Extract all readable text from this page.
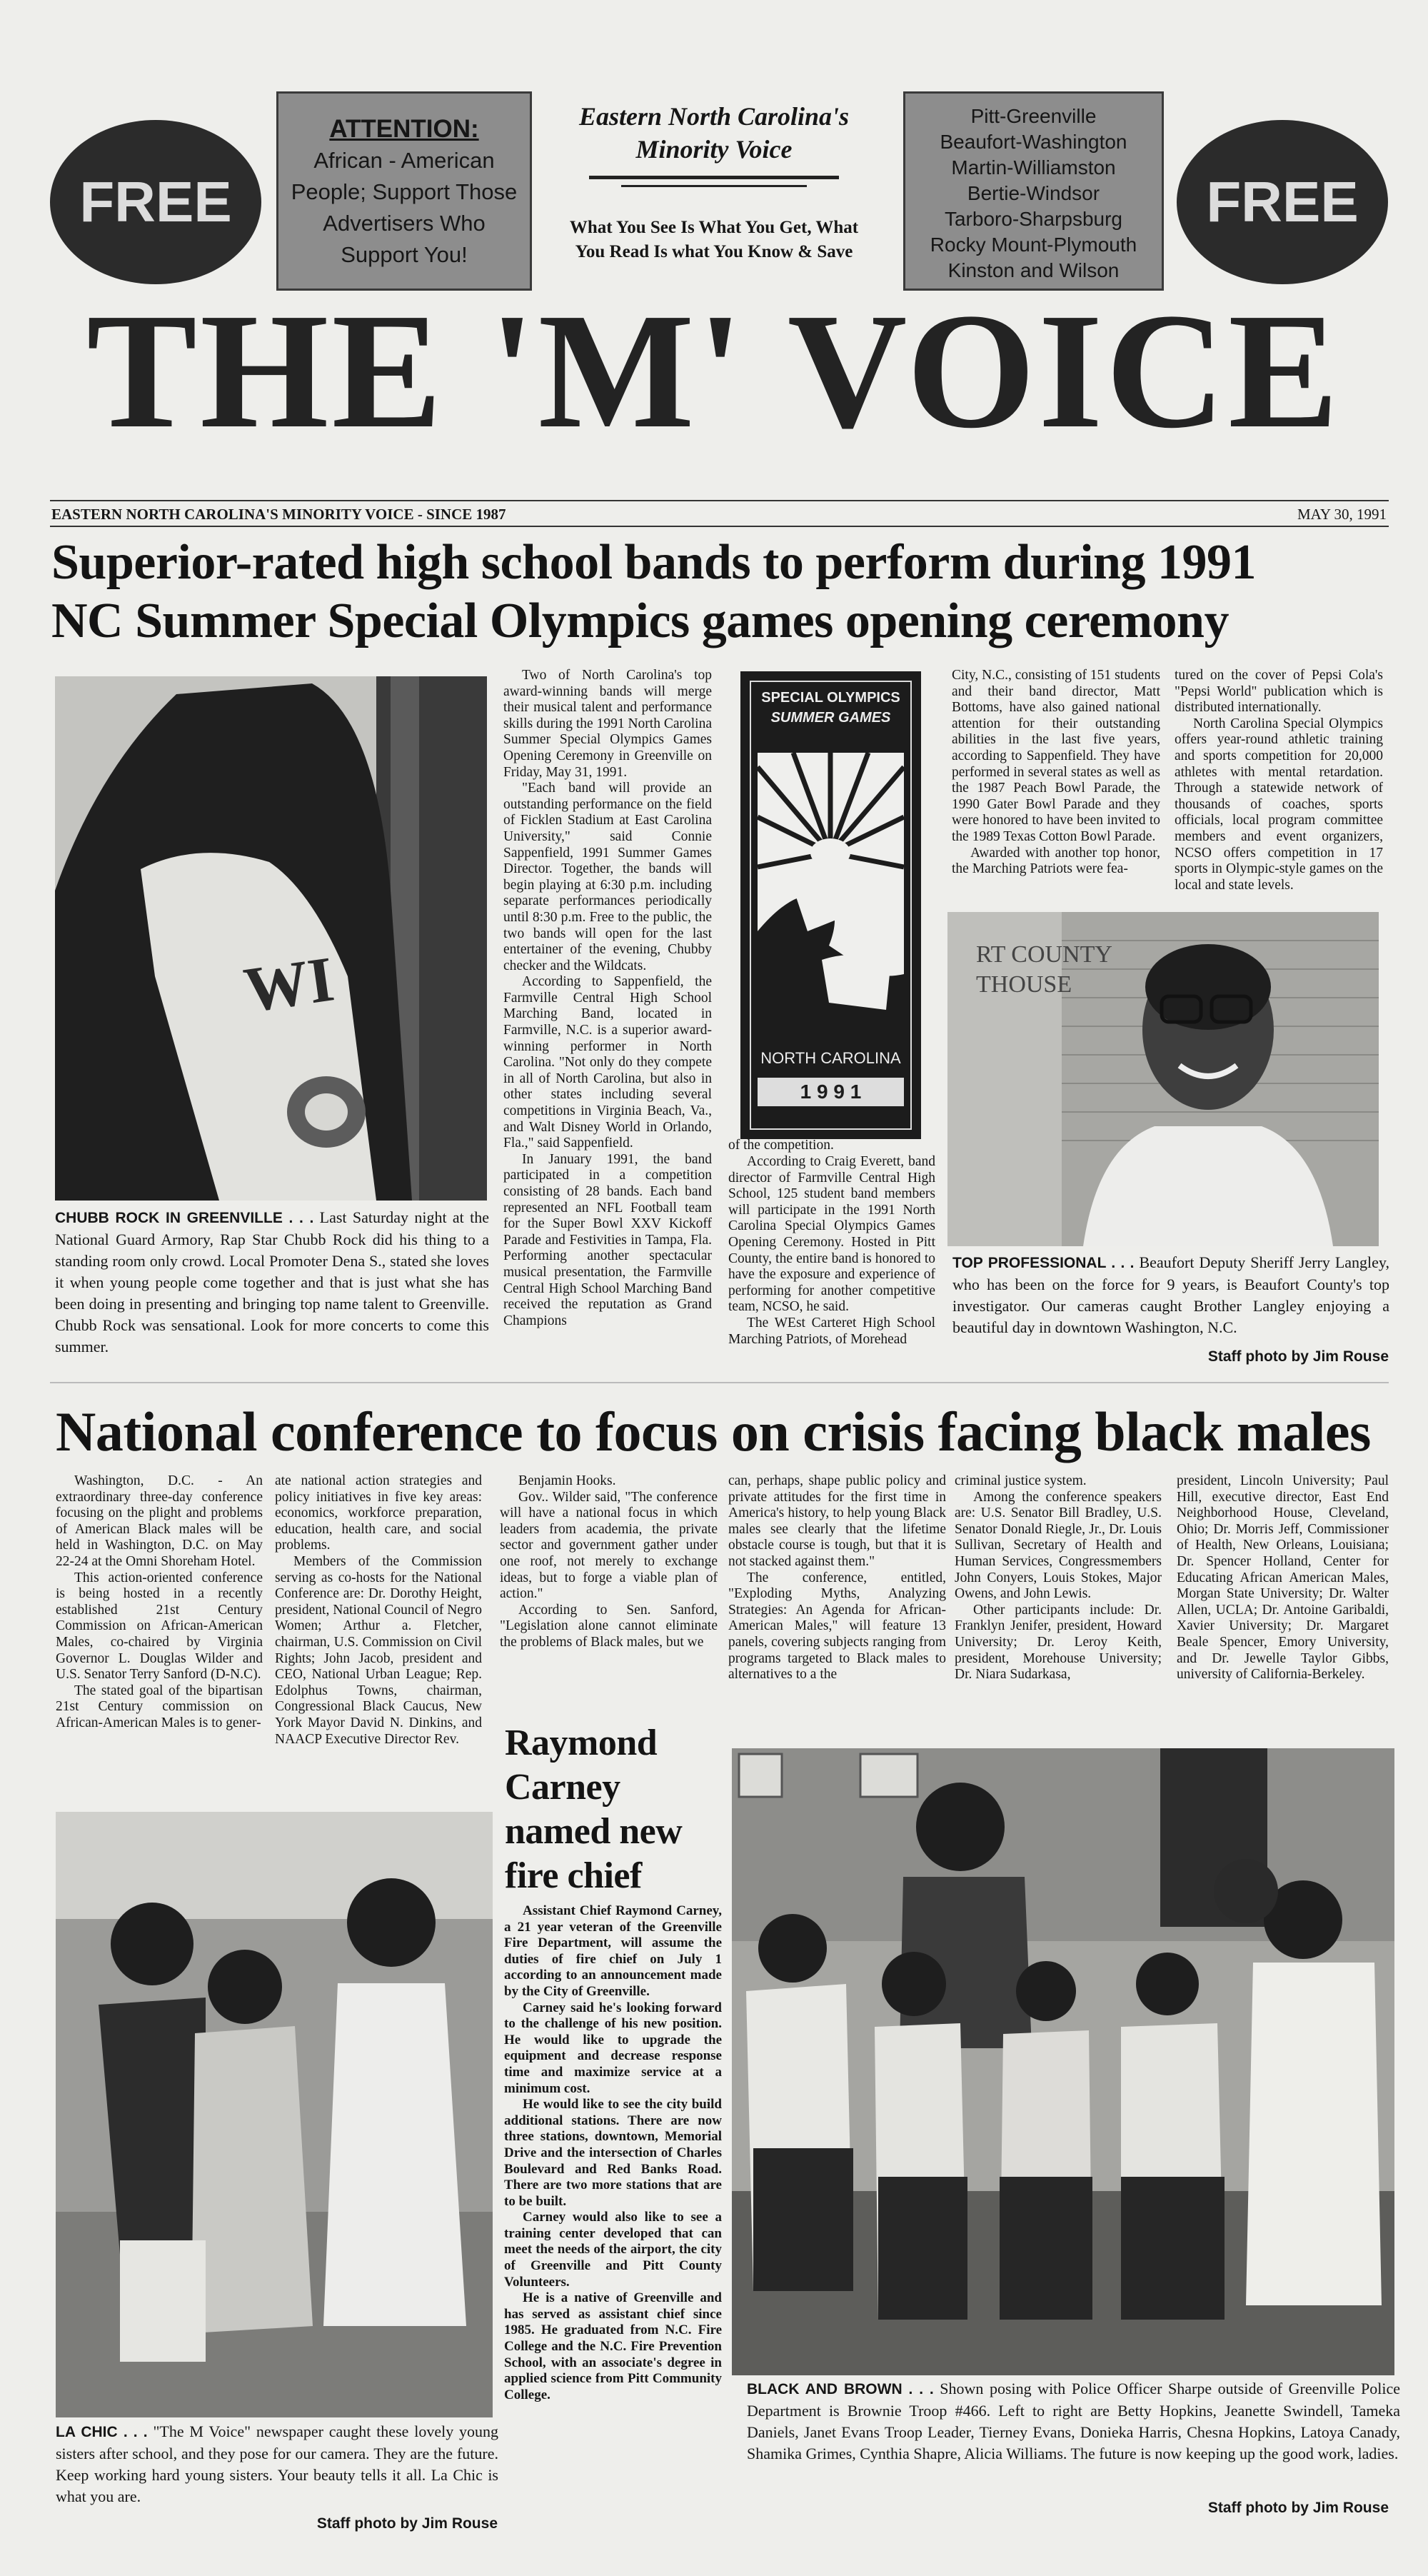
FREE	FREE
ATTENTION:
African - American
People; Support Those
Advertisers Who
Support You!
Eastern North Carolina's
Minority Voice
What You See Is What You Get, What
You Read Is what You Know & Save
Pitt-Greenville
Beaufort-Washington
Martin-Williamston
Bertie-Windsor
Tarboro-Sharpsburg
Rocky Mount-Plymouth
Kinston and Wilson
THE 'M' VOICE
EASTERN NORTH CAROLINA'S MINORITY VOICE - SINCE 1987	MAY 30, 1991
Superior-rated high school bands to perform during 1991
NC Summer Special Olympics games opening ceremony
WI
CHUBB ROCK IN GREENVILLE . . . Last Saturday night at the National Guard Armory, Rap Star Chubb Rock did his thing to a standing room only crowd. Local Promoter Dena S., stated she loves it when young people come together and that is just what she has been doing in presenting and bringing top name talent to Greenville. Chubb Rock was sensational. Look for more concerts to come this summer.

Two of North Carolina's top award-winning bands will merge their musical talent and performance skills during the 1991 North Carolina Summer Special Olympics Games Opening Ceremony in Greenville on Friday, May 31, 1991.

"Each band will provide an outstanding performance on the field of Ficklen Stadium at East Carolina University," said Connie Sappenfield, 1991 Summer Games Director. Together, the bands will begin playing at 6:30 p.m. including separate performances periodically until 8:30 p.m. Free to the public, the two bands will open for the last entertainer of the evening, Chubby checker and the Wildcats.

According to Sappenfield, the Farmville Central High School Marching Band, located in Farmville, N.C. is a superior award-winning performer in North Carolina. "Not only do they compete in all of North Carolina, but also in other states including several competitions in Virginia Beach, Va., and Walt Disney World in Orlando, Fla.," said Sappenfield.

In January 1991, the band participated in a competition consisting of 28 bands. Each band represented an NFL Football team for the Super Bowl XXV Kickoff Parade and Festivities in Tampa, Fla. Performing another spectacular musical presentation, the Farmville Central High School Marching Band received the reputation as Grand Champions

SPECIAL OLYMPICS
SUMMER GAMES
NORTH CAROLINA
1 9 9 1

of the competition.

According to Craig Everett, band director of Farmville Central High School, 125 student band members will participate in the 1991 North Carolina Special Olympics Games Opening Ceremony. Hosted in Pitt County, the entire band is honored to have the exposure and experience of performing for another competitive team, NCSO, he said.

The WEst Carteret High School Marching Patriots, of Morehead

City, N.C., consisting of 151 students and their band director, Matt Bottoms, have also gained national attention for their outstanding abilities in the last five years, according to Sappenfield. They have performed in several states as well as the 1987 Peach Bowl Parade, the 1990 Gater Bowl Parade and they were honored to have been invited to the 1989 Texas Cotton Bowl Parade.

Awarded with another top honor, the Marching Patriots were fea-

tured on the cover of Pepsi Cola's "Pepsi World" publication which is distributed internationally.

North Carolina Special Olympics offers year-round athletic training and sports competition for 20,000 athletes with mental retardation. Through a statewide network of thousands of coaches, sports officials, local program committee members and event organizers, NCSO offers competition in 17 sports in Olympic-style games on the local and state levels.

RT COUNTY
THOUSE
TOP PROFESSIONAL . . . Beaufort Deputy Sheriff Jerry Langley, who has been on the force for 9 years, is Beaufort County's top investigator. Our cameras caught Brother Langley enjoying a beautiful day in downtown Washington, N.C.
Staff photo by Jim Rouse
National conference to focus on crisis facing black males

Washington, D.C. - An extraordinary three-day conference focusing on the plight and problems of American Black males will be held in Washington, D.C. on May 22-24 at the Omni Shoreham Hotel.

This action-oriented conference is being hosted in a recently established 21st Century Commission on African-American Males, co-chaired by Virginia Governor L. Douglas Wilder and U.S. Senator Terry Sanford (D-N.C).

The stated goal of the bipartisan 21st Century commission on African-American Males is to gener-

ate national action strategies and policy initiatives in five key areas: economics, workforce preparation, education, health care, and social problems.

Members of the Commission serving as co-hosts for the National Conference are: Dr. Dorothy Height, president, National Council of Negro Women; Arthur a. Fletcher, chairman, U.S. Commission on Civil Rights; John Jacob, president and CEO, National Urban League; Rep. Edolphus Towns, chairman, Congressional Black Caucus, New York Mayor David N. Dinkins, and NAACP Executive Director Rev.

Benjamin Hooks.

Gov.. Wilder said, "The conference will have a national focus in which leaders from academia, the private sector and government gather under one roof, not merely to exchange ideas, but to forge a viable plan of action."

According to Sen. Sanford, "Legislation alone cannot eliminate the problems of Black males, but we

can, perhaps, shape public policy and private attitudes for the first time in America's history, to help young Black males see clearly that the lifetime obstacle course is tough, but that it is not stacked against them."

The conference, entitled, "Exploding Myths, Analyzing Strategies: An Agenda for African-American Males," will feature 13 panels, covering subjects ranging from programs targeted to Black males to alternatives to a the

criminal justice system.

Among the conference speakers are: U.S. Senator Bill Bradley, U.S. Senator Donald Riegle, Jr., Dr. Louis Sullivan, Secretary of Health and Human Services, Congressmembers John Conyers, Louis Stokes, Major Owens, and John Lewis.

Other participants include: Dr. Franklyn Jenifer, president, Howard University; Dr. Leroy Keith, president, Morehouse University; Dr. Niara Sudarkasa,

president, Lincoln University; Paul Hill, executive director, East End Neighborhood House, Cleveland, Ohio; Dr. Morris Jeff, Commissioner of Health, New Orleans, Louisiana; Dr. Spencer Holland, Center for Educating African American Males, Morgan State University; Dr. Walter Allen, UCLA; Dr. Antoine Garibaldi, Xavier University; Dr. Margaret Beale Spencer, Emory University, and Dr. Jewelle Taylor Gibbs, university of California-Berkeley.

Raymond
Carney
named new
fire chief

Assistant Chief Raymond Carney, a 21 year veteran of the Greenville Fire Department, will assume the duties of fire chief on July 1 according to an announcement made by the City of Greenville.

Carney said he's looking forward to the challenge of his new position. He would like to upgrade the equipment and decrease response time and maximize service at a minimum cost.

He would like to see the city build additional stations. There are now three stations, downtown, Memorial Drive and the intersection of Charles Boulevard and Red Banks Road. There are two more stations that are to be built.

Carney would also like to see a training center developed that can meet the needs of the airport, the city of Greenville and Pitt County Volunteers.

He is a native of Greenville and has served as assistant chief since 1985. He graduated from N.C. Fire College and the N.C. Fire Prevention School, with an associate's degree in applied science from Pitt Community College.

LA CHIC . . . "The M Voice" newspaper caught these lovely young sisters after school, and they pose for our camera. They are the future. Keep working hard young sisters. Your beauty tells it all. La Chic is what you are.
Staff photo by Jim Rouse
BLACK AND BROWN . . . Shown posing with Police Officer Sharpe outside of Greenville Police Department is Brownie Troop #466. Left to right are Betty Hopkins, Jeanette Swindell, Tameka Daniels, Janet Evans Troop Leader, Tierney Evans, Donieka Harris, Chesna Hopkins, Latoya Canady, Shamika Grimes, Cynthia Shapre, Alicia Williams. The future is now keeping up the good work, ladies.
Staff photo by Jim Rouse
